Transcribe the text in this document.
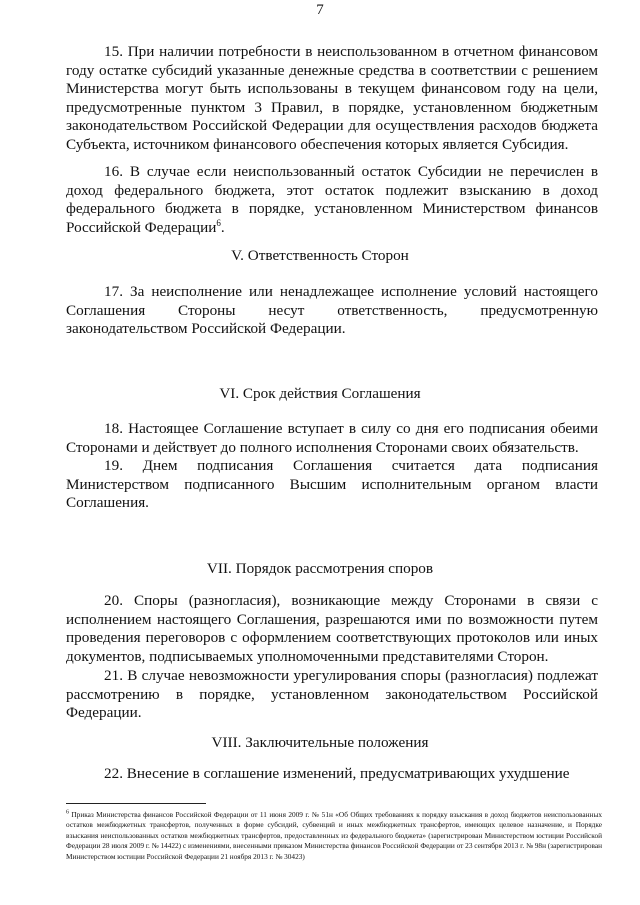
7

15. При наличии потребности в неиспользованном в отчетном финансовом году остатке субсидий указанные денежные средства в соответствии с решением Министерства могут быть использованы в текущем финансовом году на цели, предусмотренные пунктом 3 Правил, в порядке, установленном бюджетным законодательством Российской Федерации для осуществления расходов бюджета Субъекта, источником финансового обеспечения которых является Субсидия.

16. В случае если неиспользованный остаток Субсидии не перечислен в доход федерального бюджета, этот остаток подлежит взысканию в доход федерального бюджета в порядке, установленном Министерством финансов Российской Федерации$^6$.

V. Ответственность Сторон

17. За неисполнение или ненадлежащее исполнение условий настоящего Соглашения Стороны несут ответственность, предусмотренную законодательством Российской Федерации.

VI. Срок действия Соглашения

18. Настоящее Соглашение вступает в силу со дня его подписания обеими Сторонами и действует до полного исполнения Сторонами своих обязательств.

19. Днем подписания Соглашения считается дата подписания Министерством подписанного Высшим исполнительным органом власти Соглашения.

VII. Порядок рассмотрения споров

20. Споры (разногласия), возникающие между Сторонами в связи с исполнением настоящего Соглашения, разрешаются ими по возможности путем проведения переговоров с оформлением соответствующих протоколов или иных документов, подписываемых уполномоченными представителями Сторон.

21. В случае невозможности урегулирования споры (разногласия) подлежат рассмотрению в порядке, установленном законодательством Российской Федерации.

VIII. Заключительные положения

22. Внесение в соглашение изменений, предусматривающих ухудшение

$^6$ Приказ Министерства финансов Российской Федерации от 11 июня 2009 г. № 51н «Об Общих требованиях к порядку взыскания в доход бюджетов неиспользованных остатков межбюджетных трансфертов, полученных в форме субсидий, субвенций и иных межбюджетных трансфертов, имеющих целевое назначение, и Порядке взыскания неиспользованных остатков межбюджетных трансфертов, предоставленных из федерального бюджета» (зарегистрирован Министерством юстиции Российской Федерации 28 июля 2009 г. № 14422) с изменениями, внесенными приказом Министерства финансов Российской Федерации от 23 сентября 2013 г. № 98н (зарегистрирован Министерством юстиции Российской Федерации 21 ноября 2013 г. № 30423)
